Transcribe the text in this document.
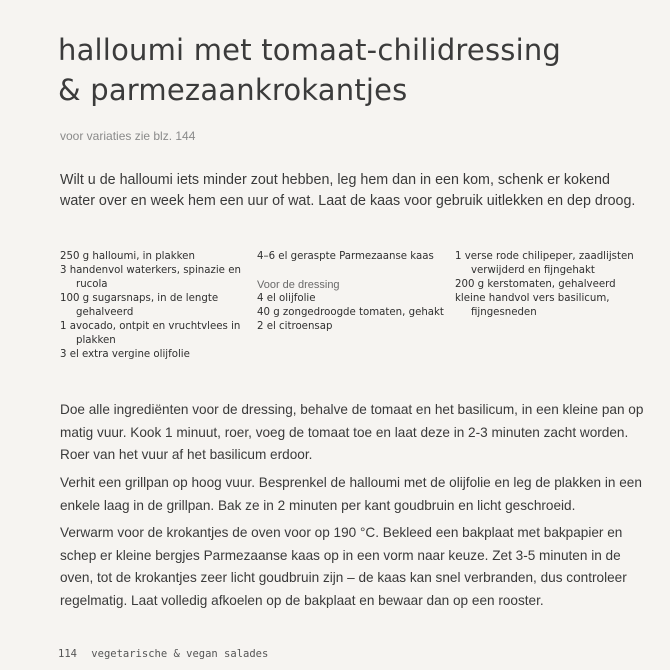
halloumi met tomaat-chilidressing
& parmezaankrokantjes
voor variaties zie blz. 144

Wilt u de halloumi iets minder zout hebben, leg hem dan in een kom, schenk er kokend water over en week hem een uur of wat. Laat de kaas voor gebruik uitlekken en dep droog.

250 g halloumi, in plakken

3 handenvol waterkers, spinazie en rucola

100 g sugarsnaps, in de lengte gehalveerd

1 avocado, ontpit en vruchtvlees in plakken

3 el extra vergine olijfolie

4–6 el geraspte Parmezaanse kaas

Voor de dressing

4 el olijfolie

40 g zongedroogde tomaten, gehakt

2 el citroensap

1 verse rode chilipeper, zaadlijsten verwijderd en fijngehakt

200 g kerstomaten, gehalveerd

kleine handvol vers basilicum, fijngesneden

Doe alle ingrediënten voor de dressing, behalve de tomaat en het basilicum, in een kleine pan op matig vuur. Kook 1 minuut, roer, voeg de tomaat toe en laat deze in 2-3 minuten zacht worden. Roer van het vuur af het basilicum erdoor.

Verhit een grillpan op hoog vuur. Besprenkel de halloumi met de olijfolie en leg de plakken in een enkele laag in de grillpan. Bak ze in 2 minuten per kant goudbruin en licht geschroeid.

Verwarm voor de krokantjes de oven voor op 190 °C. Bekleed een bakplaat met bakpapier en schep er kleine bergjes Parmezaanse kaas op in een vorm naar keuze. Zet 3-5 minuten in de oven, tot de krokantjes zeer licht goudbruin zijn – de kaas kan snel verbranden, dus controleer regelmatig. Laat volledig afkoelen op de bakplaat en bewaar dan op een rooster.

114 vegetarische & vegan salades
